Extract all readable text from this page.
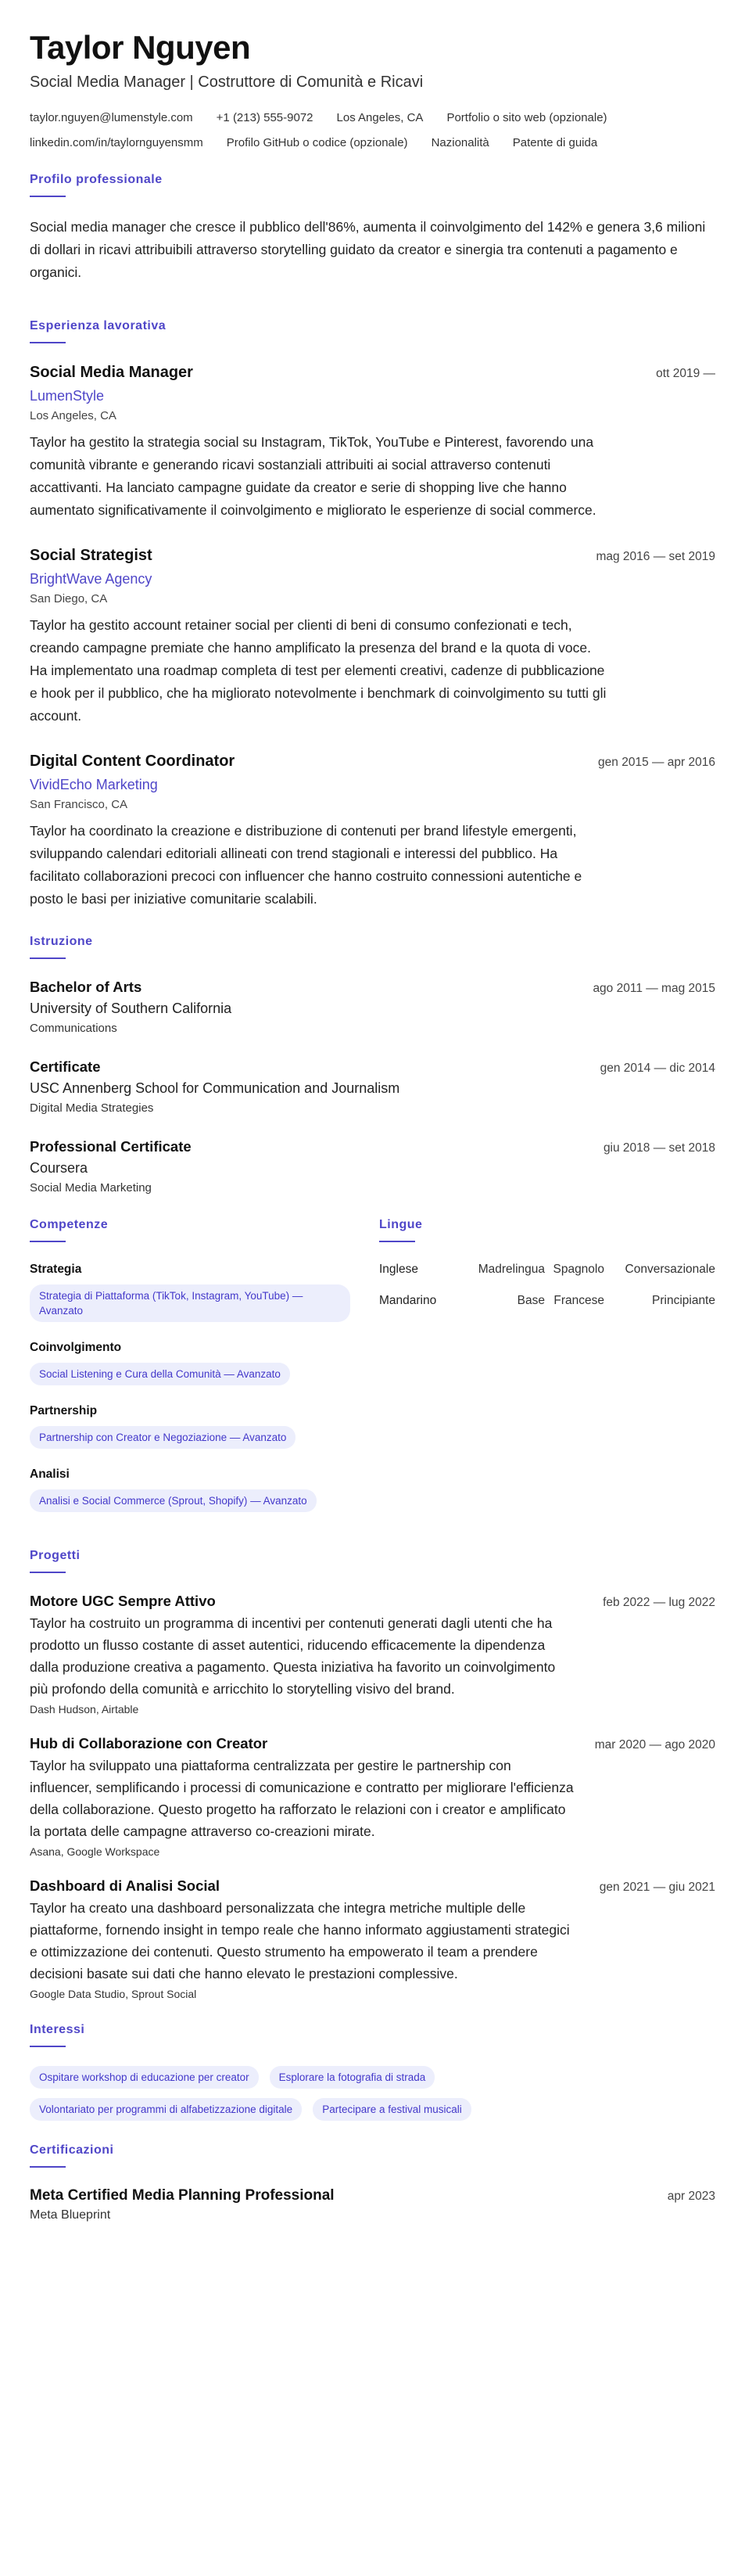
Taylor Nguyen
Social Media Manager | Costruttore di Comunità e Ricavi
taylor.nguyen@lumenstyle.com +1 (213) 555-9072 Los Angeles, CA Portfolio o sito web (opzionale)
linkedin.com/in/taylornguyensmm Profilo GitHub o codice (opzionale) Nazionalità Patente di guida
Profilo professionale
Social media manager che cresce il pubblico dell'86%, aumenta il coinvolgimento del 142% e genera 3,6 milioni di dollari in ricavi attribuibili attraverso storytelling guidato da creator e sinergia tra contenuti a pagamento e organici.
Esperienza lavorativa
Social Media Manager	ott 2019 —
LumenStyle
Los Angeles, CA
Taylor ha gestito la strategia social su Instagram, TikTok, YouTube e Pinterest, favorendo una comunità vibrante e generando ricavi sostanziali attribuiti ai social attraverso contenuti accattivanti. Ha lanciato campagne guidate da creator e serie di shopping live che hanno aumentato significativamente il coinvolgimento e migliorato le esperienze di social commerce.
Social Strategist	mag 2016 — set 2019
BrightWave Agency
San Diego, CA
Taylor ha gestito account retainer social per clienti di beni di consumo confezionati e tech, creando campagne premiate che hanno amplificato la presenza del brand e la quota di voce. Ha implementato una roadmap completa di test per elementi creativi, cadenze di pubblicazione e hook per il pubblico, che ha migliorato notevolmente i benchmark di coinvolgimento su tutti gli account.
Digital Content Coordinator	gen 2015 — apr 2016
VividEcho Marketing
San Francisco, CA
Taylor ha coordinato la creazione e distribuzione di contenuti per brand lifestyle emergenti, sviluppando calendari editoriali allineati con trend stagionali e interessi del pubblico. Ha facilitato collaborazioni precoci con influencer che hanno costruito connessioni autentiche e posto le basi per iniziative comunitarie scalabili.
Istruzione
Bachelor of Arts	ago 2011 — mag 2015
University of Southern California
Communications
Certificate	gen 2014 — dic 2014
USC Annenberg School for Communication and Journalism
Digital Media Strategies
Professional Certificate	giu 2018 — set 2018
Coursera
Social Media Marketing
Competenze
Strategia
Strategia di Piattaforma (TikTok, Instagram, YouTube) — Avanzato
Coinvolgimento
Social Listening e Cura della Comunità — Avanzato
Partnership
Partnership con Creator e Negoziazione — Avanzato
Analisi
Analisi e Social Commerce (Sprout, Shopify) — Avanzato
Lingue
Inglese	Madrelingua Spagnolo	Conversazionale
Mandarino	Base Francese	Principiante
Progetti
Motore UGC Sempre Attivo	feb 2022 — lug 2022
Taylor ha costruito un programma di incentivi per contenuti generati dagli utenti che ha prodotto un flusso costante di asset autentici, riducendo efficacemente la dipendenza dalla produzione creativa a pagamento. Questa iniziativa ha favorito un coinvolgimento più profondo della comunità e arricchito lo storytelling visivo del brand.
Dash Hudson, Airtable
Hub di Collaborazione con Creator	mar 2020 — ago 2020
Taylor ha sviluppato una piattaforma centralizzata per gestire le partnership con influencer, semplificando i processi di comunicazione e contratto per migliorare l'efficienza della collaborazione. Questo progetto ha rafforzato le relazioni con i creator e amplificato la portata delle campagne attraverso co-creazioni mirate.
Asana, Google Workspace
Dashboard di Analisi Social	gen 2021 — giu 2021
Taylor ha creato una dashboard personalizzata che integra metriche multiple delle piattaforme, fornendo insight in tempo reale che hanno informato aggiustamenti strategici e ottimizzazione dei contenuti. Questo strumento ha empowerato il team a prendere decisioni basate sui dati che hanno elevato le prestazioni complessive.
Google Data Studio, Sprout Social
Interessi
Ospitare workshop di educazione per creator	Esplorare la fotografia di strada
Volontariato per programmi di alfabetizzazione digitale	Partecipare a festival musicali
Certificazioni
Meta Certified Media Planning Professional	apr 2023
Meta Blueprint
